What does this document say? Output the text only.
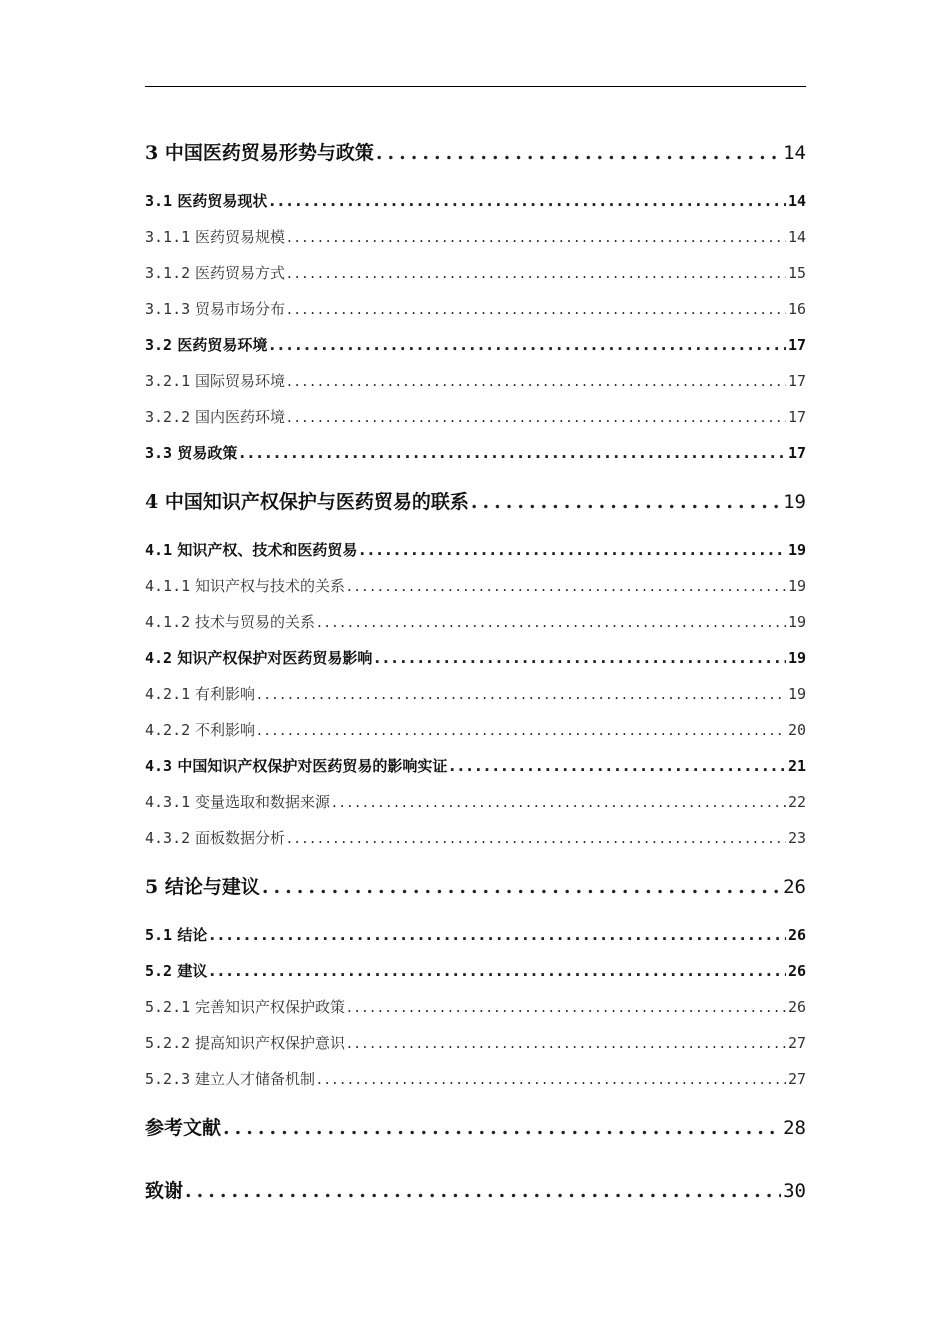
3 中国医药贸易形势与政策 .....	14
3.1 医药贸易现状 .....	14
3.1.1 医药贸易规模 .....	14
3.1.2 医药贸易方式 .....	15
3.1.3 贸易市场分布 .....	16
3.2 医药贸易环境 .....	17
3.2.1 国际贸易环境 .....	17
3.2.2 国内医药环境 .....	17
3.3 贸易政策 .....	17
4 中国知识产权保护与医药贸易的联系 .....	19
4.1 知识产权、技术和医药贸易 .....	19
4.1.1 知识产权与技术的关系 .....	19
4.1.2 技术与贸易的关系 .....	19
4.2 知识产权保护对医药贸易影响 .....	19
4.2.1 有利影响 .....	19
4.2.2 不利影响 .....	20
4.3 中国知识产权保护对医药贸易的影响实证 .....	21
4.3.1 变量选取和数据来源 .....	22
4.3.2 面板数据分析 .....	23
5 结论与建议 .....	26
5.1 结论 .....	26
5.2 建议 .....	26
5.2.1 完善知识产权保护政策 .....	26
5.2.2 提高知识产权保护意识 .....	27
5.2.3 建立人才储备机制 .....	27
参考文献 .....	28
致谢 .....	30
